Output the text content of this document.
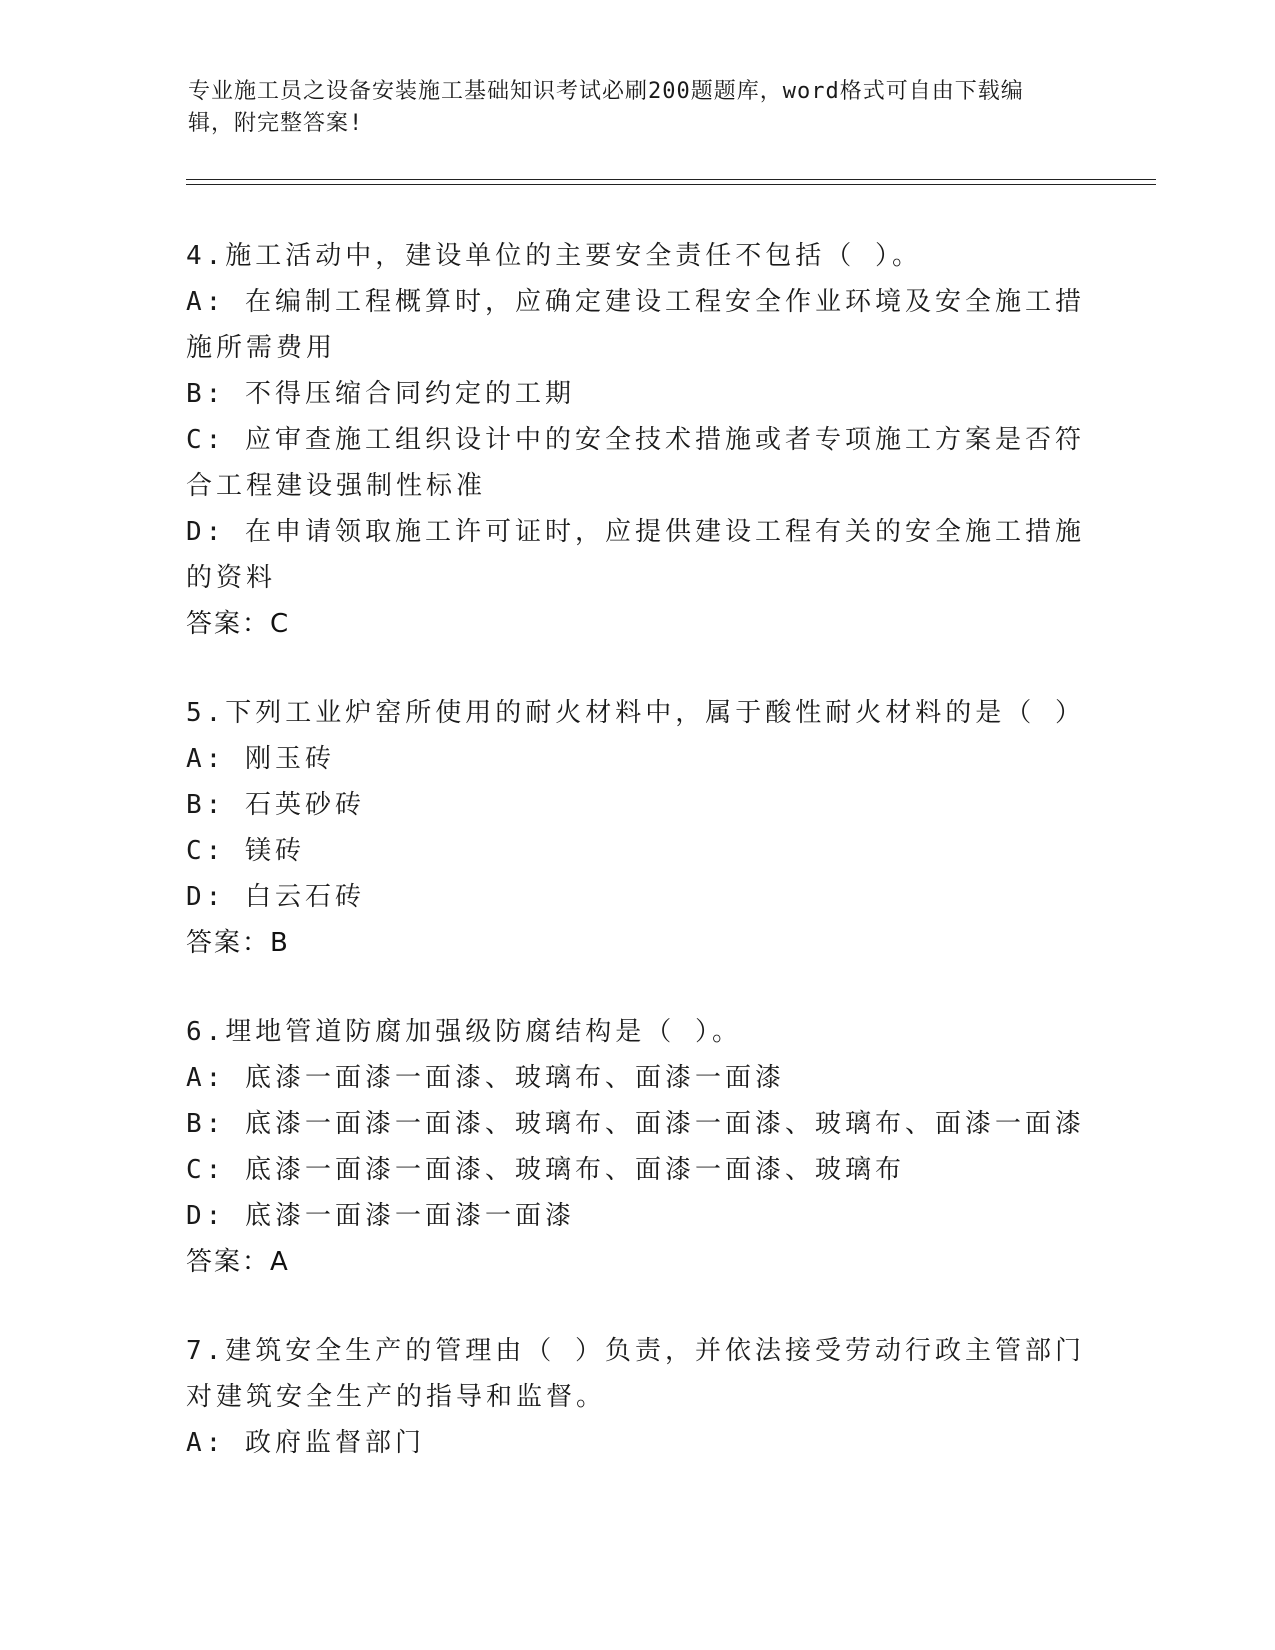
专业施工员之设备安装施工基础知识考试必刷200题题库，word格式可自由下载编辑，附完整答案!
4.施工活动中，建设单位的主要安全责任不包括（ ）。
A: 在编制工程概算时，应确定建设工程安全作业环境及安全施工措施所需费用
B: 不得压缩合同约定的工期
C: 应审查施工组织设计中的安全技术措施或者专项施工方案是否符合工程建设强制性标准
D: 在申请领取施工许可证时，应提供建设工程有关的安全施工措施的资料
答案：C
5.下列工业炉窑所使用的耐火材料中，属于酸性耐火材料的是（ ）
A: 刚玉砖
B: 石英砂砖
C: 镁砖
D: 白云石砖
答案：B
6.埋地管道防腐加强级防腐结构是（ ）。
A: 底漆一面漆一面漆、玻璃布、面漆一面漆
B: 底漆一面漆一面漆、玻璃布、面漆一面漆、玻璃布、面漆一面漆
C: 底漆一面漆一面漆、玻璃布、面漆一面漆、玻璃布
D: 底漆一面漆一面漆一面漆
答案：A
7.建筑安全生产的管理由（ ）负责，并依法接受劳动行政主管部门对建筑安全生产的指导和监督。
A: 政府监督部门
